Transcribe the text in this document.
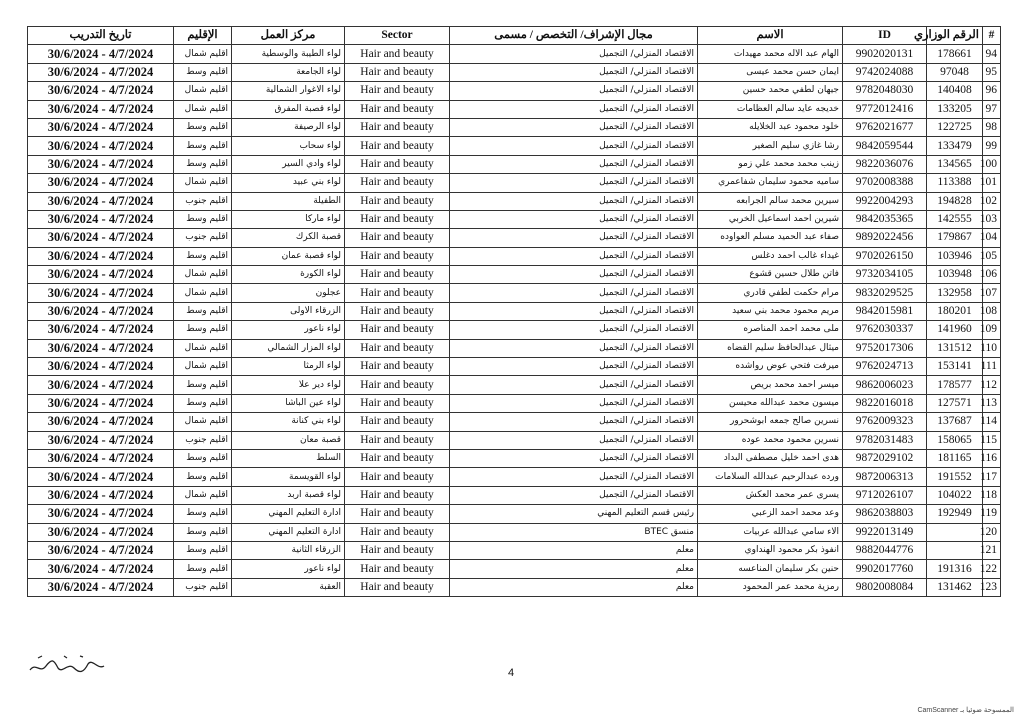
#	الرقم الوزاري	ID	الاسم	مجال الإشراف/ التخصص / مسمى	Sector	مركز العمل	الإقليم	تاريخ التدريب
94	178661	9902020131	الهام عبد الاله محمد مهيدات	الاقتصاد المنزلي/ التجميل	Hair and beauty	لواء الطيبة والوسطية	اقليم شمال	30/6/2024 - 4/7/2024
95	97048	9742024088	ايمان حسن محمد عيسى	الاقتصاد المنزلي/ التجميل	Hair and beauty	لواء الجامعة	اقليم وسط	30/6/2024 - 4/7/2024
96	140408	9782048030	جيهان لطفي محمد حسين	الاقتصاد المنزلي/ التجميل	Hair and beauty	لواء الاغوار الشمالية	اقليم شمال	30/6/2024 - 4/7/2024
97	133205	9772012416	خديجه عايد سالم العظامات	الاقتصاد المنزلي/ التجميل	Hair and beauty	لواء قصبة المفرق	اقليم شمال	30/6/2024 - 4/7/2024
98	122725	9762021677	خلود محمود عبد الخلايله	الاقتصاد المنزلي/ التجميل	Hair and beauty	لواء الرصيفة	اقليم وسط	30/6/2024 - 4/7/2024
99	133479	9842059544	رشا غازي سليم الصغير	الاقتصاد المنزلي/ التجميل	Hair and beauty	لواء سحاب	اقليم وسط	30/6/2024 - 4/7/2024
100	134565	9822036076	زينب محمد محمد علي زمو	الاقتصاد المنزلي/ التجميل	Hair and beauty	لواء وادي السير	اقليم وسط	30/6/2024 - 4/7/2024
101	113388	9702008388	ساميه محمود سليمان شفاعمري	الاقتصاد المنزلي/ التجميل	Hair and beauty	لواء بني عبيد	اقليم شمال	30/6/2024 - 4/7/2024
102	194828	9922004293	سيرين محمد سالم الجرابعه	الاقتصاد المنزلي/ التجميل	Hair and beauty	الطفيلة	اقليم جنوب	30/6/2024 - 4/7/2024
103	142555	9842035365	شيرين احمد اسماعيل الخربي	الاقتصاد المنزلي/ التجميل	Hair and beauty	لواء ماركا	اقليم وسط	30/6/2024 - 4/7/2024
104	179867	9892022456	صفاء عبد الحميد مسلم العواوده	الاقتصاد المنزلي/ التجميل	Hair and beauty	قصبة الكرك	اقليم جنوب	30/6/2024 - 4/7/2024
105	103946	9702026150	غيداء غالب احمد دغلس	الاقتصاد المنزلي/ التجميل	Hair and beauty	لواء قصبة عمان	اقليم وسط	30/6/2024 - 4/7/2024
106	103948	9732034105	فاتن طلال حسين قشوع	الاقتصاد المنزلي/ التجميل	Hair and beauty	لواء الكورة	اقليم شمال	30/6/2024 - 4/7/2024
107	132958	9832029525	مرام حكمت لطفي قادري	الاقتصاد المنزلي/ التجميل	Hair and beauty	عجلون	اقليم شمال	30/6/2024 - 4/7/2024
108	180201	9842015981	مريم محمود محمد بني سعيد	الاقتصاد المنزلي/ التجميل	Hair and beauty	الزرقاء الاولى	اقليم وسط	30/6/2024 - 4/7/2024
109	141960	9762030337	ملى محمد احمد المناصره	الاقتصاد المنزلي/ التجميل	Hair and beauty	لواء ناعور	اقليم وسط	30/6/2024 - 4/7/2024
110	131512	9752017306	ميثال عبدالحافظ سليم القضاه	الاقتصاد المنزلي/ التجميل	Hair and beauty	لواء المزار الشمالي	اقليم شمال	30/6/2024 - 4/7/2024
111	153141	9762024713	ميرفت فتحي عوض رواشده	الاقتصاد المنزلي/ التجميل	Hair and beauty	لواء الرمثا	اقليم شمال	30/6/2024 - 4/7/2024
112	178577	9862006023	ميسر احمد محمد بريص	الاقتصاد المنزلي/ التجميل	Hair and beauty	لواء دير علا	اقليم وسط	30/6/2024 - 4/7/2024
113	127571	9822016018	ميسون محمد عبدالله محيسن	الاقتصاد المنزلي/ التجميل	Hair and beauty	لواء عين الباشا	اقليم وسط	30/6/2024 - 4/7/2024
114	137687	9762009323	نسرين صالح جمعه ابوشحرور	الاقتصاد المنزلي/ التجميل	Hair and beauty	لواء بني كنانة	اقليم شمال	30/6/2024 - 4/7/2024
115	158065	9782031483	نسرين محمود محمد عوده	الاقتصاد المنزلي/ التجميل	Hair and beauty	قصبة معان	اقليم جنوب	30/6/2024 - 4/7/2024
116	181165	9872029102	هدى احمد خليل مصطفى البداد	الاقتصاد المنزلي/ التجميل	Hair and beauty	السلط	اقليم وسط	30/6/2024 - 4/7/2024
117	191552	9872006313	ورده عبدالرحيم عبدالله السلامات	الاقتصاد المنزلي/ التجميل	Hair and beauty	لواء القويسمة	اقليم وسط	30/6/2024 - 4/7/2024
118	104022	9712026107	يسرى عمر محمد العكش	الاقتصاد المنزلي/ التجميل	Hair and beauty	لواء قصبة اربد	اقليم شمال	30/6/2024 - 4/7/2024
119	192949	9862038803	وعد محمد احمد الزعبي	رئيس قسم التعليم المهني	Hair and beauty	ادارة التعليم المهني	اقليم وسط	30/6/2024 - 4/7/2024
120		9922013149	الاء سامي عبدالله عربيات	منسق BTEC	Hair and beauty	ادارة التعليم المهني	اقليم وسط	30/6/2024 - 4/7/2024
121		9882044776	انفوذ بكر محمود الهنداوي	معلم	Hair and beauty	الزرقاء الثانية	اقليم وسط	30/6/2024 - 4/7/2024
122	191316	9902017760	حنين بكر سليمان المناعسه	معلم	Hair and beauty	لواء ناعور	اقليم وسط	30/6/2024 - 4/7/2024
123	131462	9802008084	رمزية محمد عمر المحمود	معلم	Hair and beauty	العقبة	اقليم جنوب	30/6/2024 - 4/7/2024
4
الممسوحة ضوئيا بـ CamScanner
